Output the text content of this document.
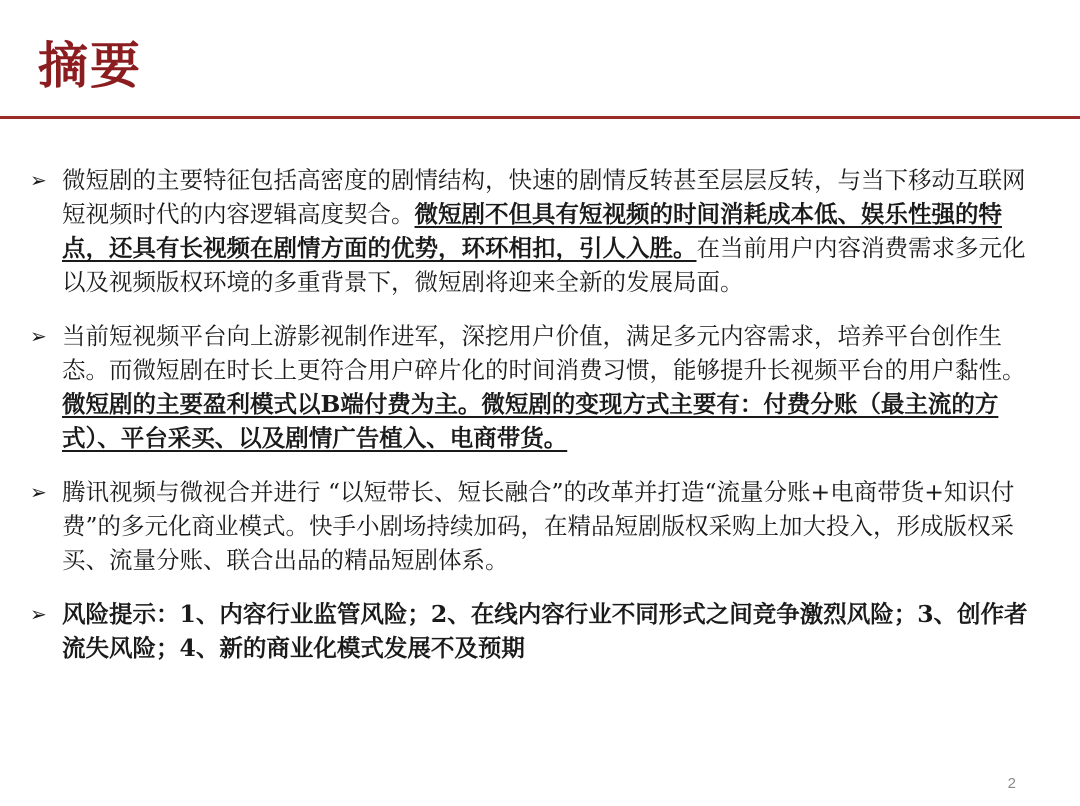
摘要
➢ 微短剧的主要特征包括高密度的剧情结构，快速的剧情反转甚至层层反转，与当下移动互联网短视频时代的内容逻辑高度契合。微短剧不但具有短视频的时间消耗成本低、娱乐性强的特点，还具有长视频在剧情方面的优势，环环相扣，引人入胜。在当前用户内容消费需求多元化以及视频版权环境的多重背景下，微短剧将迎来全新的发展局面。
➢ 当前短视频平台向上游影视制作进军，深挖用户价值，满足多元内容需求，培养平台创作生态。而微短剧在时长上更符合用户碎片化的时间消费习惯，能够提升长视频平台的用户黏性。微短剧的主要盈利模式以B端付费为主。微短剧的变现方式主要有：付费分账（最主流的方式）、平台采买、以及剧情广告植入、电商带货。
➢ 腾讯视频与微视合并进行 “以短带长、短长融合”的改革并打造“流量分账+电商带货+知识付费”的多元化商业模式。快手小剧场持续加码，在精品短剧版权采购上加大投入，形成版权采买、流量分账、联合出品的精品短剧体系。
➢ 风险提示：1、内容行业监管风险；2、在线内容行业不同形式之间竞争激烈风险；3、创作者流失风险；4、新的商业化模式发展不及预期
2
